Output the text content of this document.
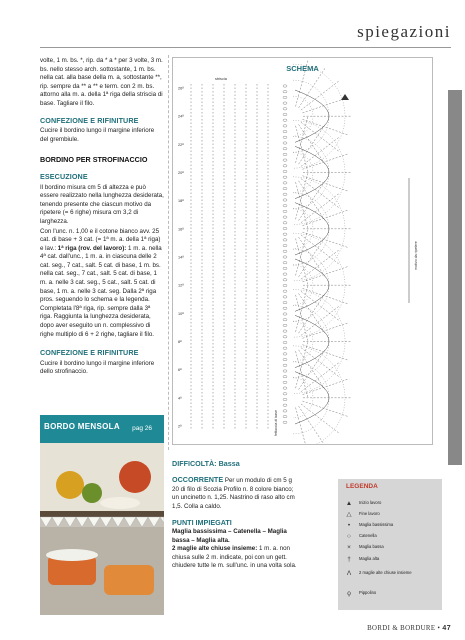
spiegazioni

volte, 1 m. bs. *, rip. da * a * per 3 volte, 3 m. bs. nello stesso arch. sottostante, 1 m. bs. nella cat. alla base della m. a, sottostante **, rip. sempre da ** a ** e term. con 2 m. bs. attorno alla m. a. della 1ª riga della striscia di base. Tagliare il filo.

CONFEZIONE E RIFINITURE

Cucire il bordino lungo il margine inferiore del grembiule.

BORDINO PER STROFINACCIO
ESECUZIONE

Il bordino misura cm 5 di altezza e può essere realizzato nella lunghezza desiderata, tenendo presente che ciascun motivo da ripetere (= 6 righe) misura cm 3,2 di larghezza.

Con l'unc. n. 1,00 e il cotone bianco avv. 25 cat. di base + 3 cat. (= 1ª m. a. della 1ª riga) e lav.: 1ª riga (rov. del lavoro): 1 m. a. nella 4ª cat. dall'unc., 1 m. a. in ciascuna delle 2 cat. seg., 7 cat., salt. 5 cat. di base, 1 m. bs. nella cat. seg., 7 cat., salt. 5 cat. di base, 1 m. a. nelle 3 cat. seg., 5 cat., salt. 5 cat. di base, 1 m. a. nelle 3 cat. seg. Dalla 2ª riga pros. seguendo lo schema e la legenda. Completata l'8ª riga, rip. sempre dalla 3ª riga. Raggiunta la lunghezza desiderata, dopo aver eseguito un n. complessivo di righe multiplo di 6 + 2 righe, tagliare il filo.

CONFEZIONE E RIFINITURE

Cucire il bordino lungo il margine inferiore dello strofinaccio.

SCHEMA
striscia
26ª
24ª
22ª
20ª
18ª
16ª
14ª
12ª
10ª
8ª
6ª
4ª
2ª
motivo da ripetere
fettuccia di base
BORDO MENSOLA pag 26
DIFFICOLTÀ: Bassa

OCCORRENTE Per un modulo di cm 5 g 20 di filo di Scozia Profilo n. 8 colore bianco; un uncinetto n. 1,25. Nastrino di raso alto cm 1,5. Colla a caldo.

PUNTI IMPIEGATI

Maglia bassissima – Catenella – Maglia bassa – Maglia alta.

2 maglie alte chiuse insieme: 1 m. a. non chiusa sulle 2 m. indicate, poi con un gett. chiudere tutte le m. sull'unc. in una volta sola.

LEGENDA
▲	Inizio lavoro
△	Fine lavoro
•	Maglia bassissima
○	Catenella
×	Maglia bassa
†	Maglia alta
Λ	2 maglie alte chiuse insieme
ϙ	Pippolino
BORDI & BORDURE • 47
